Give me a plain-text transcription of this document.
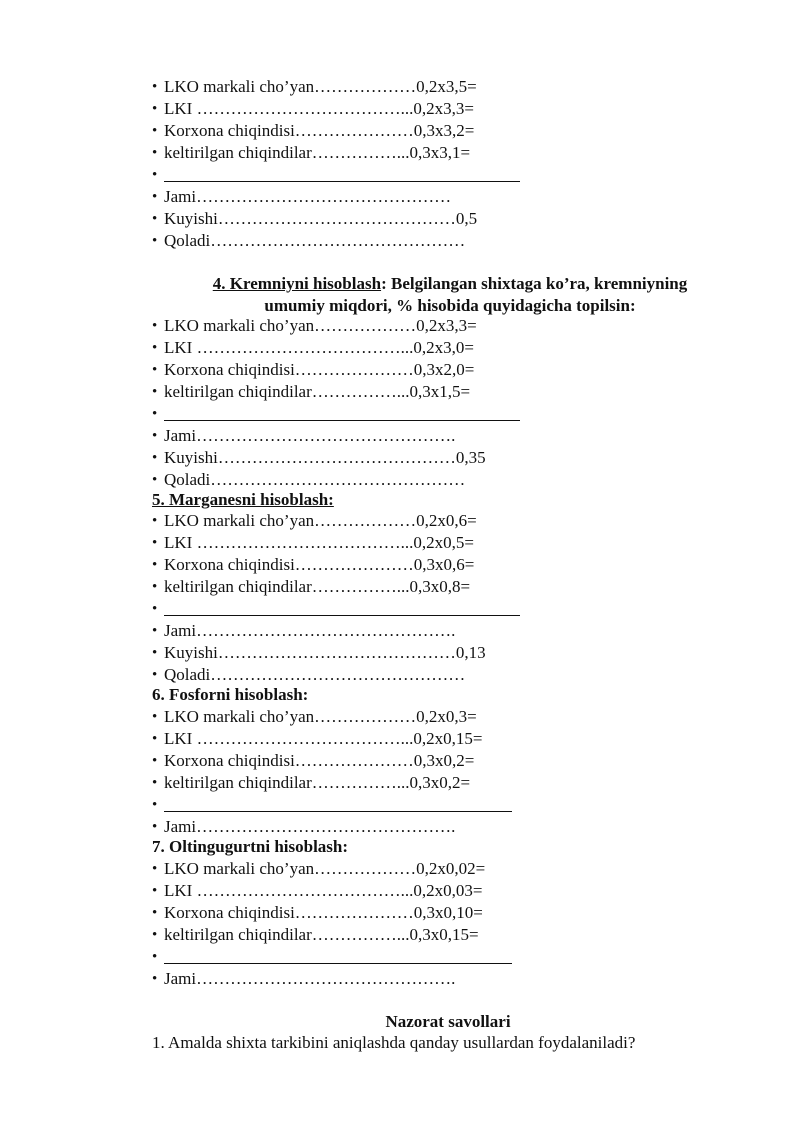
• LKO markali cho’yan………………0,2x3,5=
• LKI ………………………………...0,2x3,3=
• Korxona chiqindisi…………………0,3x3,2=
• keltirilgan chiqindilar……………...0,3x3,1=
•
• Jami………………………………………
• Kuyishi……………………………………0,5
• Qoladi………………………………………
4. Kremniyni hisoblash: Belgilangan shixtaga ko’ra, kremniyning
umumiy miqdori, % hisobida quyidagicha topilsin:
• LKO markali cho’yan………………0,2x3,3=
• LKI ………………………………...0,2x3,0=
• Korxona chiqindisi…………………0,3x2,0=
• keltirilgan chiqindilar……………...0,3x1,5=
•
• Jami……………………………………….
• Kuyishi……………………………………0,35
• Qoladi………………………………………
5. Marganesni hisoblash:
• LKO markali cho’yan………………0,2x0,6=
• LKI ………………………………...0,2x0,5=
• Korxona chiqindisi…………………0,3x0,6=
• keltirilgan chiqindilar……………...0,3x0,8=
•
• Jami……………………………………….
• Kuyishi……………………………………0,13
• Qoladi………………………………………
6. Fosforni hisoblash:
• LKO markali cho’yan………………0,2x0,3=
• LKI ………………………………...0,2x0,15=
• Korxona chiqindisi…………………0,3x0,2=
• keltirilgan chiqindilar……………...0,3x0,2=
•
• Jami……………………………………….
7. Oltingugurtni hisoblash:
• LKO markali cho’yan………………0,2x0,02=
• LKI ………………………………...0,2x0,03=
• Korxona chiqindisi…………………0,3x0,10=
• keltirilgan chiqindilar……………...0,3x0,15=
•
• Jami……………………………………….
Nazorat savollari
1. Amalda shixta tarkibini aniqlashda qanday usullardan foydalaniladi?
